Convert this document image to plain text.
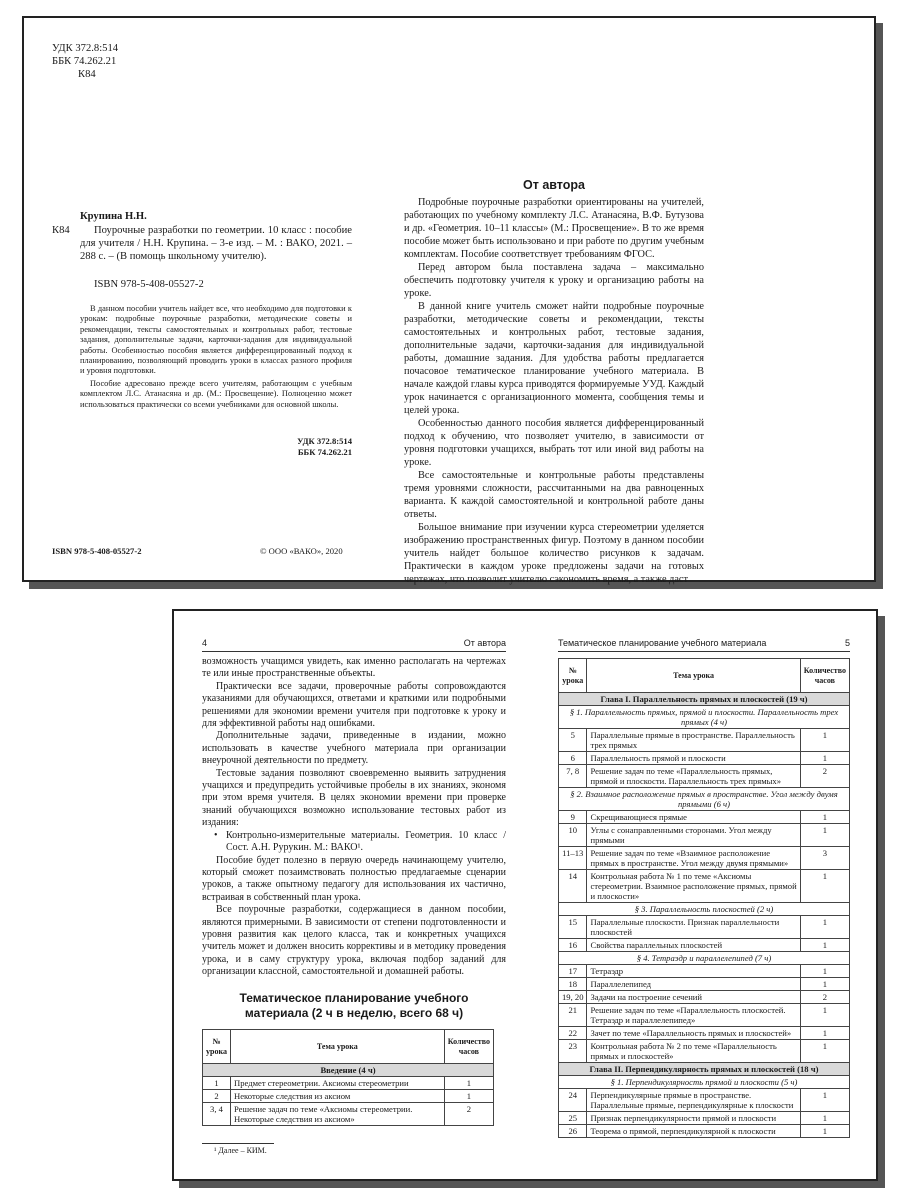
УДК 372.8:514
ББК 74.262.21
К84
Крупина Н.Н.
К84	Поурочные разработки по геометрии. 10 класс : пособие для учителя / Н.Н. Крупина. – 3-е изд. – М. : ВАКО, 2021. – 288 с. – (В помощь школьному учителю).
ISBN 978-5-408-05527-2

В данном пособии учитель найдет все, что необходимо для подготовки к урокам: подробные поурочные разработки, методические советы и рекомендации, тексты самостоятельных и контрольных работ, тестовые задания, дополнительные задачи, карточки-задания для индивидуальной работы. Особенностью пособия является дифференцированный подход к планированию, позволяющий проводить уроки в классах разного профиля и уровня подготовки.

Пособие адресовано прежде всего учителям, работающим с учебным комплектом Л.С. Атанасяна и др. (М.: Просвещение). Полноценно может использоваться практически со всеми учебниками для основной школы.

УДК 372.8:514
ББК 74.262.21
ISBN 978-5-408-05527-2	© ООО «ВАКО», 2020
От автора

Подробные поурочные разработки ориентированы на учителей, работающих по учебному комплекту Л.С. Атанасяна, В.Ф. Бутузова и др. «Геометрия. 10–11 классы» (М.: Просвещение». В то же время пособие может быть использовано и при работе по другим учебным комплектам. Пособие соответствует требованиям ФГОС.

Перед автором была поставлена задача – максимально обеспечить подготовку учителя к уроку и организацию работы на уроке.

В данной книге учитель сможет найти подробные поурочные разработки, методические советы и рекомендации, тексты самостоятельных и контрольных работ, тестовые задания, дополнительные задачи, карточки-задания для индивидуальной работы, домашние задания. Для удобства работы предлагается почасовое тематическое планирование учебного материала. В начале каждой главы курса приводятся формируемые УУД. Каждый урок начинается с организационного момента, сообщения темы и целей урока.

Особенностью данного пособия является дифференцированный подход к обучению, что позволяет учителю, в зависимости от уровня подготовки учащихся, выбрать тот или иной вид работы на уроке.

Все самостоятельные и контрольные работы представлены тремя уровнями сложности, рассчитанными на два равноценных варианта. К каждой самостоятельной и контрольной работе даны ответы.

Большое внимание при изучении курса стереометрии уделяется изображению пространственных фигур. Поэтому в данном пособии учитель найдет большое количество рисунков к задачам. Практически в каждом уроке предложены задачи на готовых чертежах, что позволит учителю сэкономить время, а также даст

4	От автора

возможность учащимся увидеть, как именно располагать на чертежах те или иные пространственные объекты.

Практически все задачи, проверочные работы сопровождаются указаниями для обучающихся, ответами и краткими или подробными решениями для экономии времени учителя при подготовке к уроку и для эффективной работы над ошибками.

Дополнительные задачи, приведенные в издании, можно использовать в качестве учебного материала при организации внеурочной деятельности по предмету.

Тестовые задания позволяют своевременно выявить затруднения учащихся и предупредить устойчивые пробелы в их знаниях, экономя при этом время учителя. В целях экономии времени при проверке знаний обучающихся возможно использование тестовых работ из издания:

• Контрольно-измерительные материалы. Геометрия. 10 класс / Сост. А.Н. Рурукин. М.: ВАКО¹.

Пособие будет полезно в первую очередь начинающему учителю, который сможет позаимствовать полностью предлагаемые сценарии уроков, а также опытному педагогу для использования их частично, встраивая в собственный план урока.

Все поурочные разработки, содержащиеся в данном пособии, являются примерными. В зависимости от степени подготовленности и уровня развития как целого класса, так и конкретных учащихся учитель может и должен вносить коррективы и в методику проведения урока, и в саму структуру урока, включая подбор заданий для организации классной, самостоятельной и домашней работы.

Тематическое планирование учебного
материала (2 ч в неделю, всего 68 ч)
№ урока	Тема урока	Количество часов
Введение (4 ч)		
1	Предмет стереометрии. Аксиомы стереометрии	1
2	Некоторые следствия из аксиом	1
3, 4	Решение задач по теме «Аксиомы стереометрии. Некоторые следствия из аксиом»	2
¹ Далее – КИМ.
Тематическое планирование учебного материала	5
№ урока	Тема урока	Количество часов
Глава I. Параллельность прямых и плоскостей (19 ч)		
§ 1. Параллельность прямых, прямой и плоскости. Параллельность трех прямых (4 ч)		
5	Параллельные прямые в пространстве. Параллельность трех прямых	1
6	Параллельность прямой и плоскости	1
7, 8	Решение задач по теме «Параллельность прямых, прямой и плоскости. Параллельность трех прямых»	2
§ 2. Взаимное расположение прямых в пространстве. Угол между двумя прямыми (6 ч)		
9	Скрещивающиеся прямые	1
10	Углы с сонаправленными сторонами. Угол между прямыми	1
11–13	Решение задач по теме «Взаимное расположение прямых в пространстве. Угол между двумя прямыми»	3
14	Контрольная работа № 1 по теме «Аксиомы стереометрии. Взаимное расположение прямых, прямой и плоскости»	1
§ 3. Параллельность плоскостей (2 ч)		
15	Параллельные плоскости. Признак параллельности плоскостей	1
16	Свойства параллельных плоскостей	1
§ 4. Тетраэдр и параллелепипед (7 ч)		
17	Тетраэдр	1
18	Параллелепипед	1
19, 20	Задачи на построение сечений	2
21	Решение задач по теме «Параллельность плоскостей. Тетраэдр и параллелепипед»	1
22	Зачет по теме «Параллельность прямых и плоскостей»	1
23	Контрольная работа № 2 по теме «Параллельность прямых и плоскостей»	1
Глава II. Перпендикулярность прямых и плоскостей (18 ч)		
§ 1. Перпендикулярность прямой и плоскости (5 ч)		
24	Перпендикулярные прямые в пространстве. Параллельные прямые, перпендикулярные к плоскости	1
25	Признак перпендикулярности прямой и плоскости	1
26	Теорема о прямой, перпендикулярной к плоскости	1
